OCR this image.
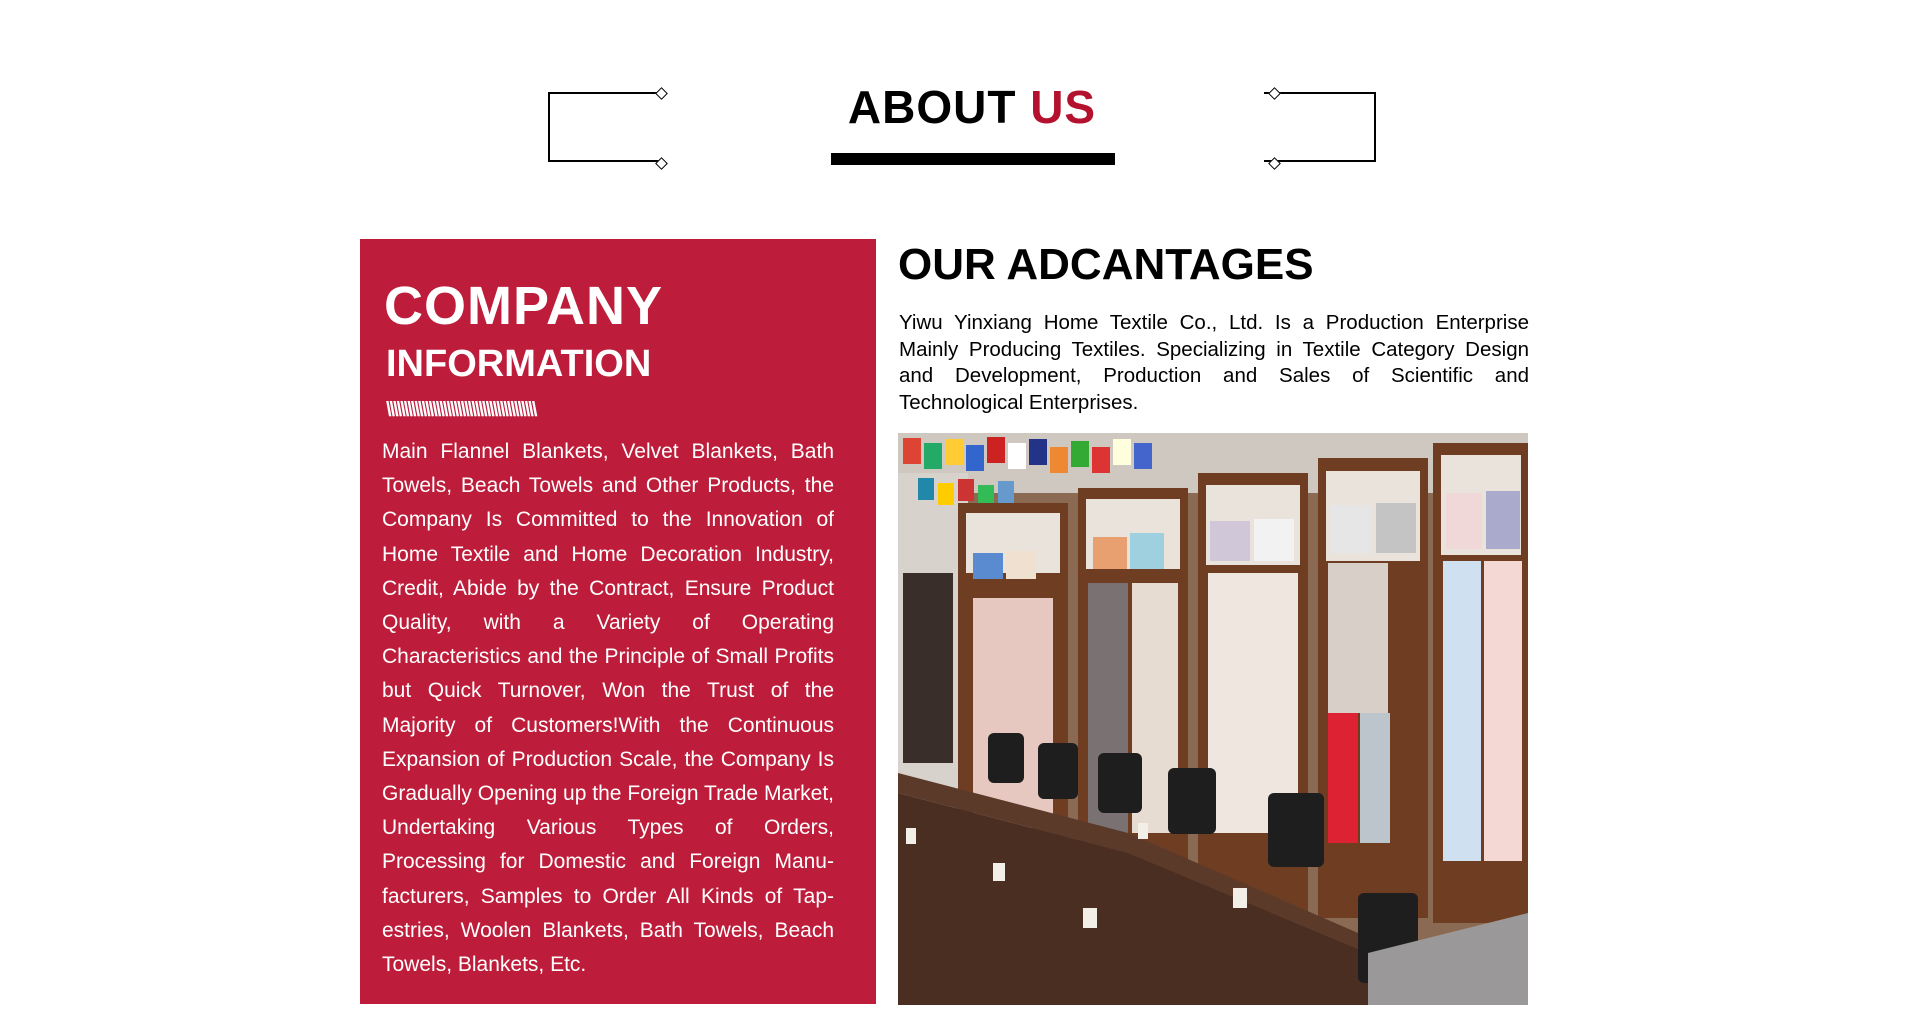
ABOUT US
COMPANY
INFORMATION
\\\\\\\\\\\\\\\\\\\\\\\\\\\\\\\\\\\\\\\\\\
Main Flannel Blankets, Velvet Blankets, Bath Towels, Beach Towels and Other Products, the Company Is Committed to the Innovation of Home Textile and Home Decoration Industry, Credit, Abide by the Contract, Ensure Product Quality, with a Variety of Operating Characteristics and the Principle of Small Profits but Quick Turnover, Won the Trust of the Majority of Customers!With the Continuous Expansion of Production Scale, the Company Is Gradually Opening up the Foreign Trade Market, Undertaking Various Types of Orders, Processing for Domestic and Foreign Manufacturers, Samples to Order All Kinds of Tapestries, Woolen Blankets, Bath Towels, Beach Towels, Blankets, Etc.
OUR ADCANTAGES
Yiwu Yinxiang Home Textile Co., Ltd. Is a Production Enterprise Mainly Producing Textiles. Specializing in Textile Category Design and Development, Production and Sales of Scientific and Technological Enterprises.
